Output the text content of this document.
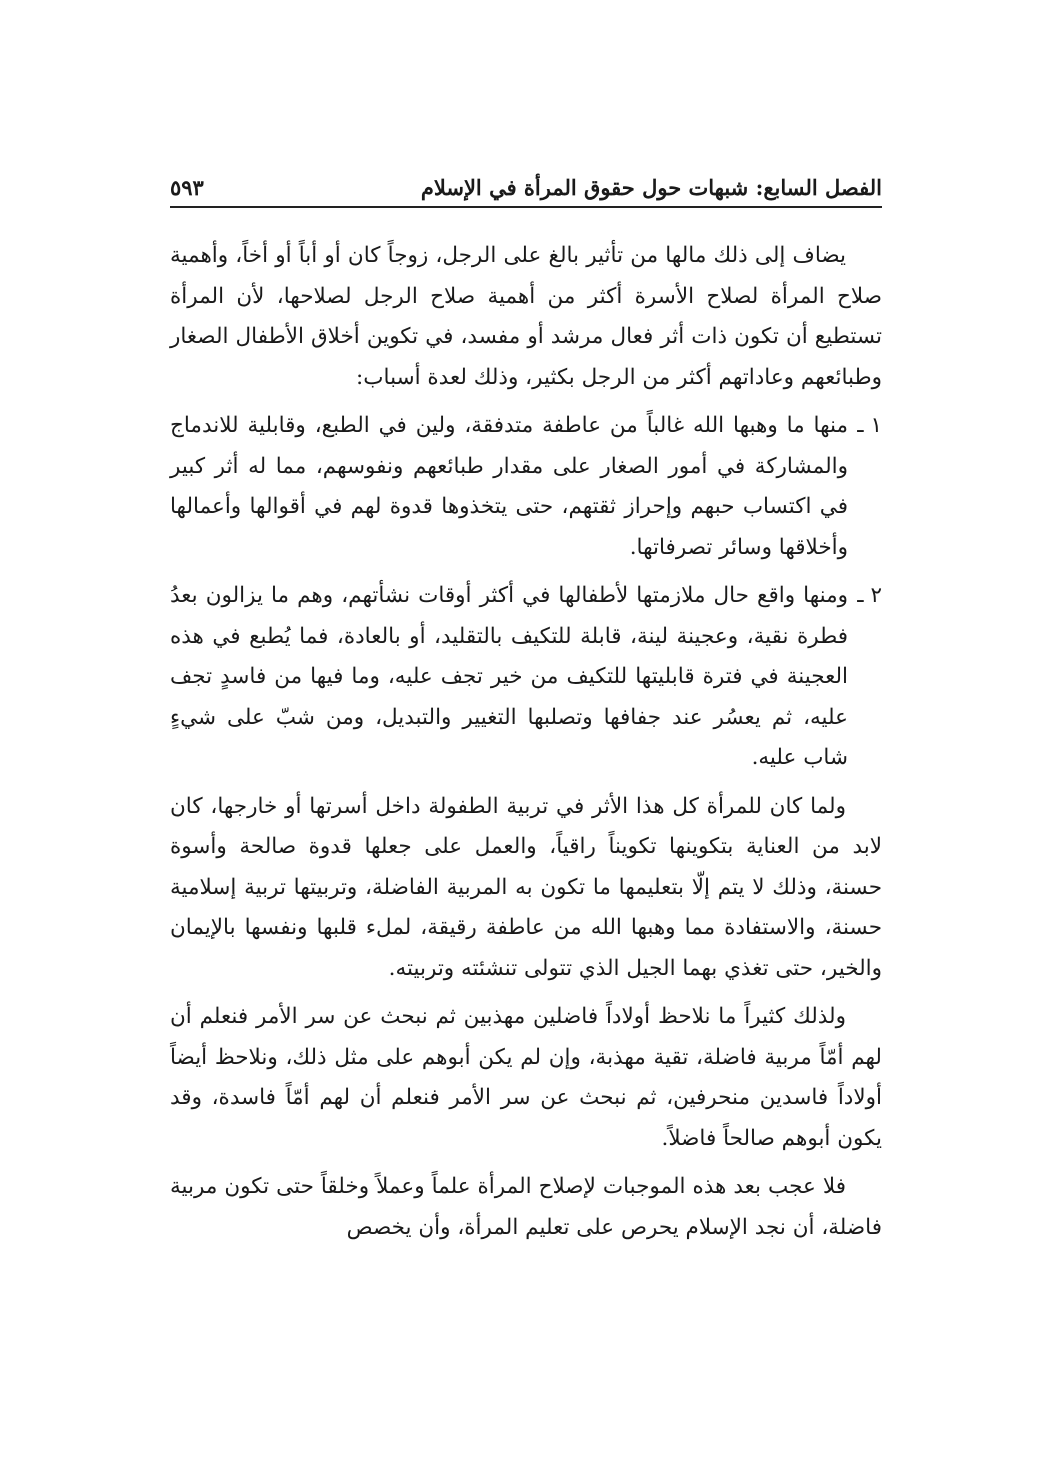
الفصل السابع: شبهات حول حقوق المرأة في الإسلام
٥٩٣

يضاف إلى ذلك مالها من تأثير بالغ على الرجل، زوجاً كان أو أباً أو أخاً، وأهمية صلاح المرأة لصلاح الأسرة أكثر من أهمية صلاح الرجل لصلاحها، لأن المرأة تستطيع أن تكون ذات أثر فعال مرشد أو مفسد، في تكوين أخلاق الأطفال الصغار وطبائعهم وعاداتهم أكثر من الرجل بكثير، وذلك لعدة أسباب:

١ ـ
منها ما وهبها الله غالباً من عاطفة متدفقة، ولين في الطبع، وقابلية للاندماج والمشاركة في أمور الصغار على مقدار طبائعهم ونفوسهم، مما له أثر كبير في اكتساب حبهم وإحراز ثقتهم، حتى يتخذوها قدوة لهم في أقوالها وأعمالها وأخلاقها وسائر تصرفاتها.
٢ ـ
ومنها واقع حال ملازمتها لأطفالها في أكثر أوقات نشأتهم، وهم ما يزالون بعدُ فطرة نقية، وعجينة لينة، قابلة للتكيف بالتقليد، أو بالعادة، فما يُطبع في هذه العجينة في فترة قابليتها للتكيف من خير تجف عليه، وما فيها من فاسدٍ تجف عليه، ثم يعسُر عند جفافها وتصلبها التغيير والتبديل، ومن شبّ على شيءٍ شاب عليه.

ولما كان للمرأة كل هذا الأثر في تربية الطفولة داخل أسرتها أو خارجها، كان لابد من العناية بتكوينها تكويناً راقياً، والعمل على جعلها قدوة صالحة وأسوة حسنة، وذلك لا يتم إلّا بتعليمها ما تكون به المربية الفاضلة، وتربيتها تربية إسلامية حسنة، والاستفادة مما وهبها الله من عاطفة رقيقة، لملء قلبها ونفسها بالإيمان والخير، حتى تغذي بهما الجيل الذي تتولى تنشئته وتربيته.

ولذلك كثيراً ما نلاحظ أولاداً فاضلين مهذبين ثم نبحث عن سر الأمر فنعلم أن لهم أمّاً مربية فاضلة، تقية مهذبة، وإن لم يكن أبوهم على مثل ذلك، ونلاحظ أيضاً أولاداً فاسدين منحرفين، ثم نبحث عن سر الأمر فنعلم أن لهم أمّاً فاسدة، وقد يكون أبوهم صالحاً فاضلاً.

فلا عجب بعد هذه الموجبات لإصلاح المرأة علماً وعملاً وخلقاً حتى تكون مربية فاضلة، أن نجد الإسلام يحرص على تعليم المرأة، وأن يخصص
